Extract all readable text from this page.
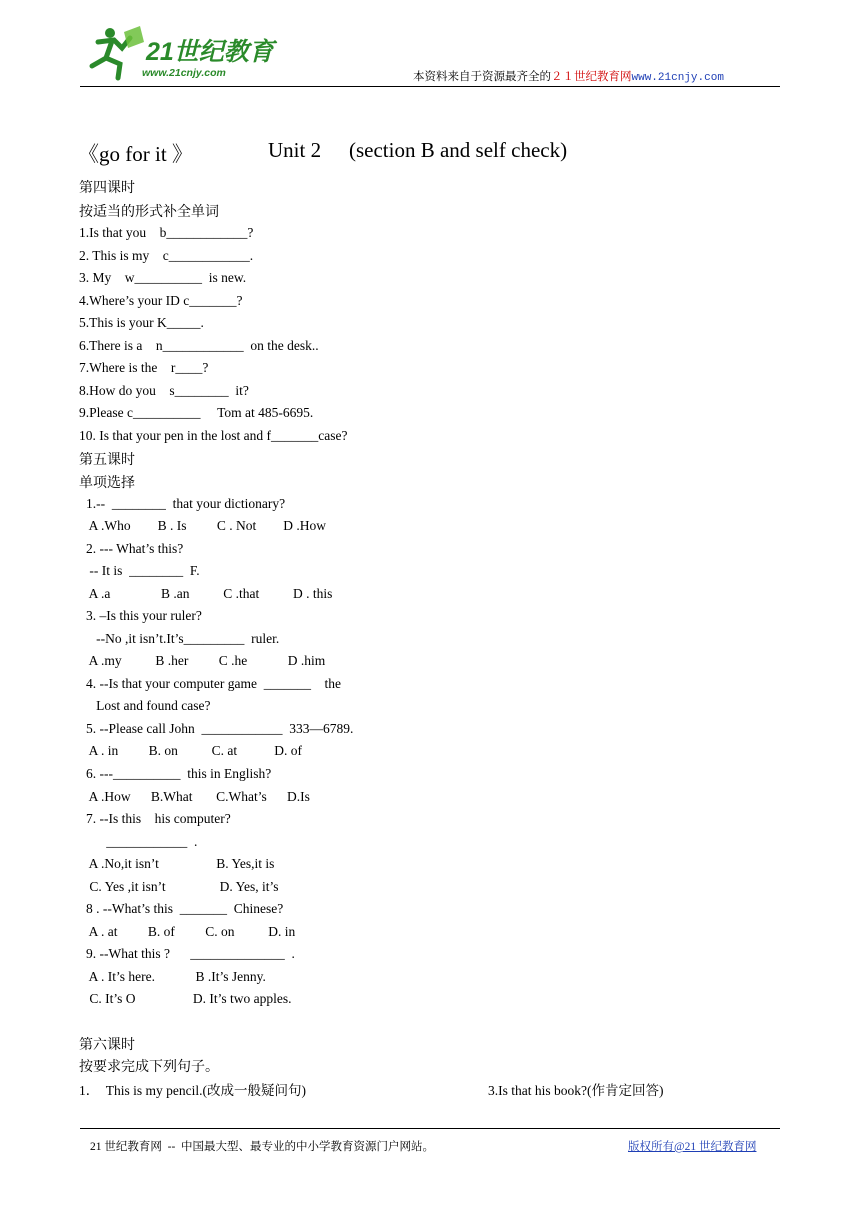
21世纪教育
www.21cnjy.com	本资料来自于资源最齐全的２１世纪教育网www.21cnjy.com
《go for it 》	Unit 2 (section B and self check)
第四课时
按适当的形式补全单词
1.Is that you    b____________?
2. This is my    c____________.
3. My    w__________  is new.
4.Where’s your ID c_______?
5.This is your K_____.
6.There is a    n____________  on the desk..
7.Where is the    r____?
8.How do you    s________  it?
9.Please c__________     Tom at 485-6695.
10. Is that your pen in the lost and f_______case?
第五课时
单项选择
1.--  ________  that your dictionary?
A .Who        B . Is         C . Not        D .How
2. --- What’s this?
-- It is  ________  F.
A .a               B .an          C .that          D . this
3. –Is this your ruler?
--No ,it isn’t.It’s_________  ruler.
A .my          B .her         C .he            D .him
4. --Is that your computer game  _______    the
Lost and found case?
5. --Please call John  ____________  333—6789.
A . in         B. on          C. at           D. of
6. ---__________  this in English?
A .How      B.What       C.What’s      D.Is
7. --Is this    his computer?
____________  .
A .No,it isn’t                 B. Yes,it is
C. Yes ,it isn’t                D. Yes, it’s
8 . --What’s this  _______  Chinese?
A . at         B. of         C. on          D. in
9. --What this ?      ______________  .
A . It’s here.            B .It’s Jenny.
C. It’s O                 D. It’s two apples.
第六课时
按要求完成下列句子。
1．  This is my pencil.(改成一般疑问句)	3.Is that his book?(作肯定回答)
21 世纪教育网  --  中国最大型、最专业的中小学教育资源门户网站。	版权所有@21 世纪教育网
